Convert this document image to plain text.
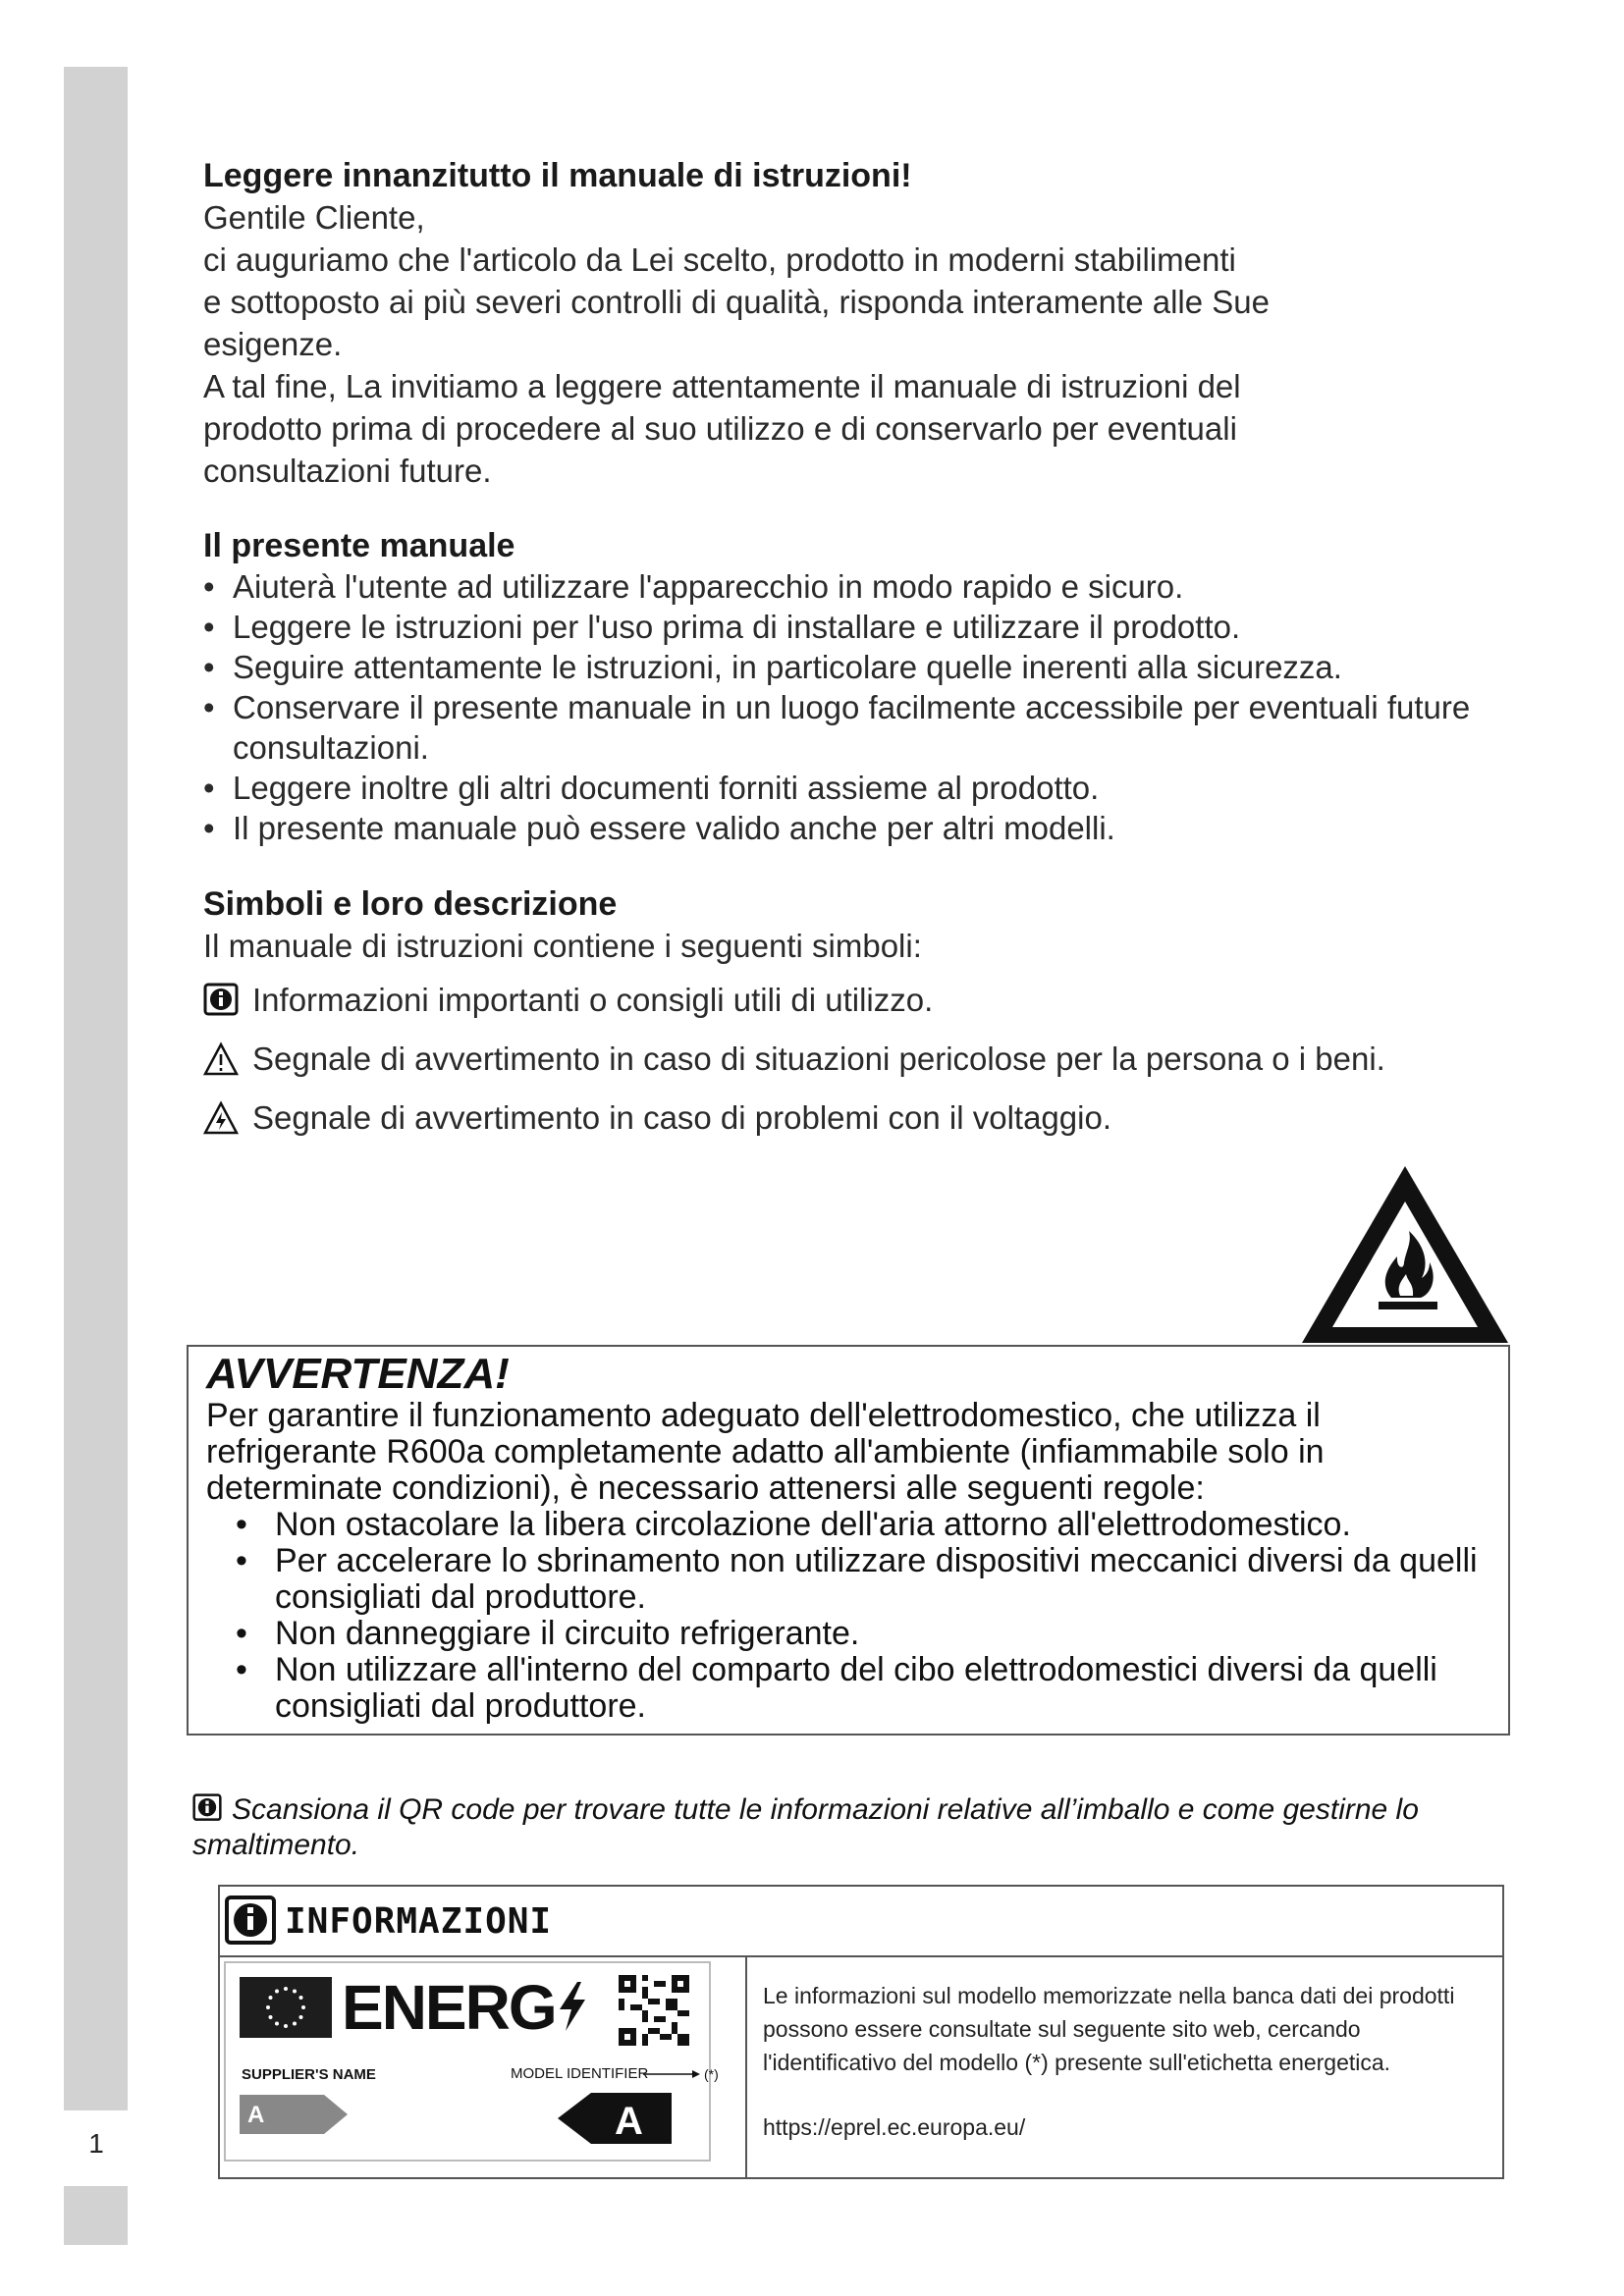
1
Leggere innanzitutto il manuale di istruzioni!

Gentile Cliente,

ci auguriamo che l'articolo da Lei scelto, prodotto in moderni stabilimenti

e sottoposto ai più severi controlli di qualità, risponda interamente alle Sue

esigenze.

A tal fine, La invitiamo a leggere attentamente il manuale di istruzioni del

prodotto prima di procedere al suo utilizzo e di conservarlo per eventuali

consultazioni future.

Il presente manuale
• Aiuterà l'utente ad utilizzare l'apparecchio in modo rapido e sicuro.
• Leggere le istruzioni per l'uso prima di installare e utilizzare il prodotto.
• Seguire attentamente le istruzioni, in particolare quelle inerenti alla sicurezza.
• Conservare il presente manuale in un luogo facilmente accessibile per eventuali future consultazioni.
• Leggere inoltre gli altri documenti forniti assieme al prodotto.
• Il presente manuale può essere valido anche per altri modelli.
Simboli e loro descrizione

Il manuale di istruzioni contiene i seguenti simboli:

Informazioni importanti o consigli utili di utilizzo.
Segnale di avvertimento in caso di situazioni pericolose per la persona o i beni.
Segnale di avvertimento in caso di problemi con il voltaggio.

AVVERTENZA!

Per garantire il funzionamento adeguato dell'elettrodomestico, che utilizza il

refrigerante R600a completamente adatto all'ambiente (infiammabile solo in

determinate condizioni), è necessario attenersi alle seguenti regole:

• Non ostacolare la libera circolazione dell'aria attorno all'elettrodomestico.
• Per accelerare lo sbrinamento non utilizzare dispositivi meccanici diversi da quelli consigliati dal produttore.
• Non danneggiare il circuito refrigerante.
• Non utilizzare all'interno del comparto del cibo elettrodomestici diversi da quelli consigliati dal produttore.
Scansiona il QR code per trovare tutte le informazioni relative all’imballo e come gestirne lo smaltimento.
INFORMAZIONI
ENERG
SUPPLIER'S NAME	MODEL IDENTIFIER	(*)
A	A
Le informazioni sul modello memorizzate nella banca dati dei prodotti possono essere consultate sul seguente sito web, cercando l'identificativo del modello (*) presente sull'etichetta energetica.
https://eprel.ec.europa.eu/
